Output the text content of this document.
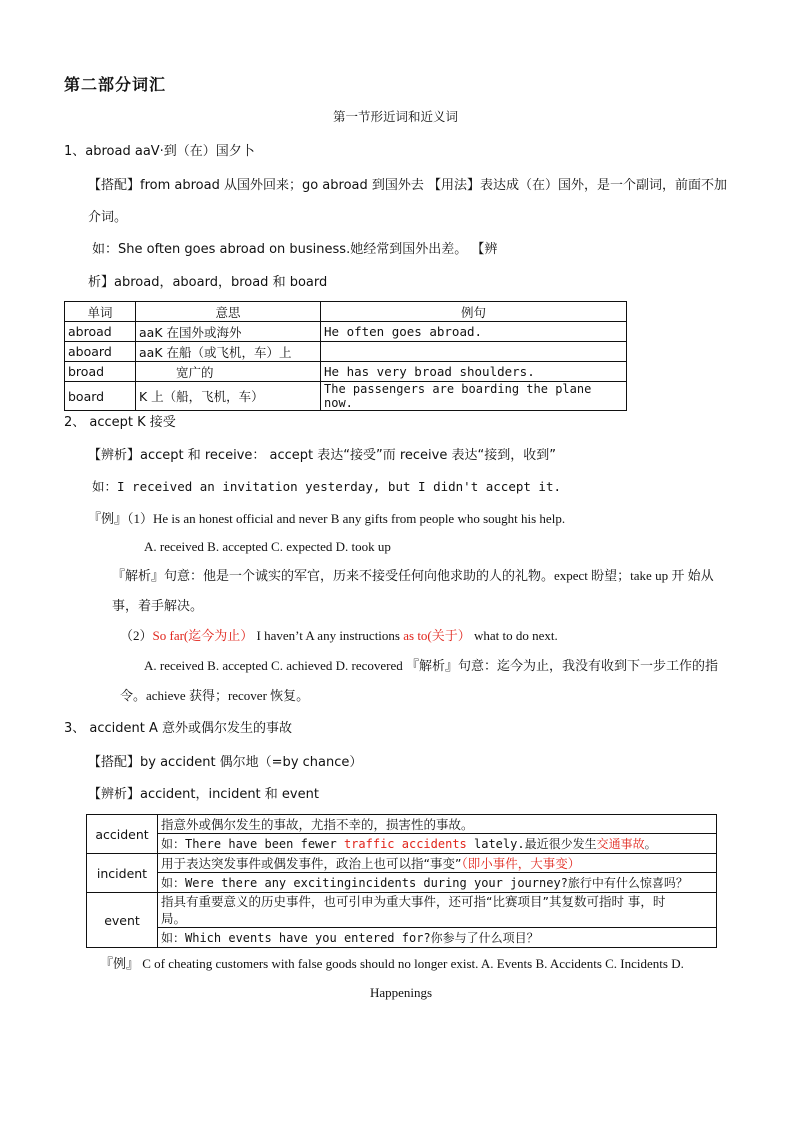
第二部分词汇
第一节形近词和近义词
1、abroad aaV·到（在）国夕卜
【搭配】from abroad 从国外回来；go abroad 到国外去 【用法】表达成（在）国外，是一个副词，前面不加
介词。
如：She often goes abroad on business.她经常到国外出差。 【辨
析】abroad，aboard，broad 和 board
单词	意思	例句
abroad	aaK 在国外或海外	He often goes abroad.
aboard	aaK 在船（或飞机，车）上	
broad	宽广的	He has very broad shoulders.
board	K 上（船，飞机，车）	The passengers are boarding the plane now.
2、 accept K 接受
【辨析】accept 和 receive： accept 表达“接受”而 receive 表达“接到，收到”
如：I received an invitation yesterday, but I didn't accept it.
『例』（1）He is an honest official and never B any gifts from people who sought his help.
A. received B. accepted C. expected D. took up
『解析』句意：他是一个诚实的军官，历来不接受任何向他求助的人的礼物。expect 盼望；take up 开 始从
事，着手解决。
（2）So far(迄今为止） I haven’t A any instructions as to(关于） what to do next.
A. received B. accepted C. achieved D. recovered 『解析』句意：迄今为止，我没有收到下一步工作的指
令。achieve 获得；recover 恢复。
3、 accident A 意外或偶尔发生的事故
【搭配】by accident 偶尔地（=by chance）
【辨析】accident，incident 和 event
accident	指意外或偶尔发生的事故，尤指不幸的，损害性的事故。
	如：There have been fewer traffic accidents lately.最近很少发生交通事故。
incident	用于表达突发事件或偶发事件，政治上也可以指“事变”（即小事件，大事变）
	如：Were there any excitingincidents during your journey?旅行中有什么惊喜吗？
event	指具有重要意义的历史事件，也可引申为重大事件，还可指“比赛项目”其复数可指时 事，时
局。
	如：Which events have you entered for?你参与了什么项目？
『例』 C of cheating customers with false goods should no longer exist. A. Events B. Accidents C. Incidents D.
Happenings
